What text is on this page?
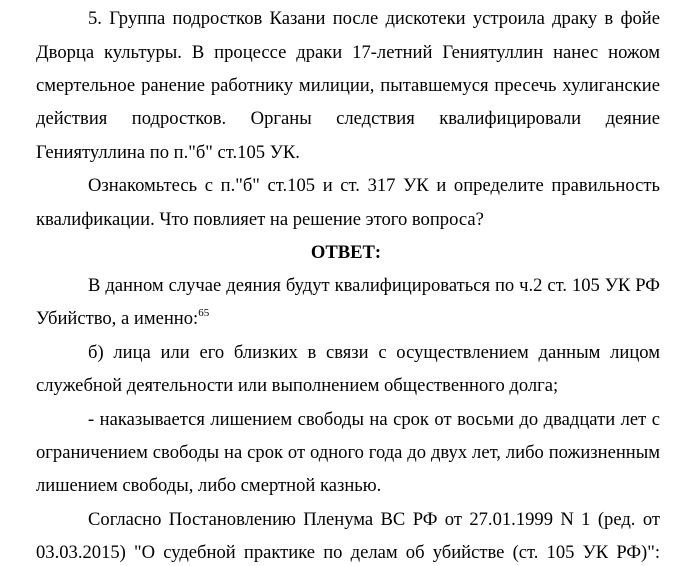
5. Группа подростков Казани после дискотеки устроила драку в фойе
Дворца культуры. В процессе драки 17-летний Гениятуллин нанес ножом
смертельное ранение работнику милиции, пытавшемуся пресечь хулиганские
действия подростков. Органы следствия квалифицировали деяние
Гениятуллина по п."б" ст.105 УК.
Ознакомьтесь с п."б" ст.105 и ст. 317 УК и определите правильность
квалификации. Что повлияет на решение этого вопроса?
ОТВЕТ:
В данном случае деяния будут квалифицироваться по ч.2 ст. 105 УК РФ
Убийство, а именно:$^{65}$
б) лица или его близких в связи с осуществлением данным лицом
служебной деятельности или выполнением общественного долга;
- наказывается лишением свободы на срок от восьми до двадцати лет с
ограничением свободы на срок от одного года до двух лет, либо пожизненным
лишением свободы, либо смертной казнью.
Согласно Постановлению Пленума ВС РФ от 27.01.1999 N 1 (ред. от
03.03.2015) "О судебной практике по делам об убийстве (ст. 105 УК РФ)":
